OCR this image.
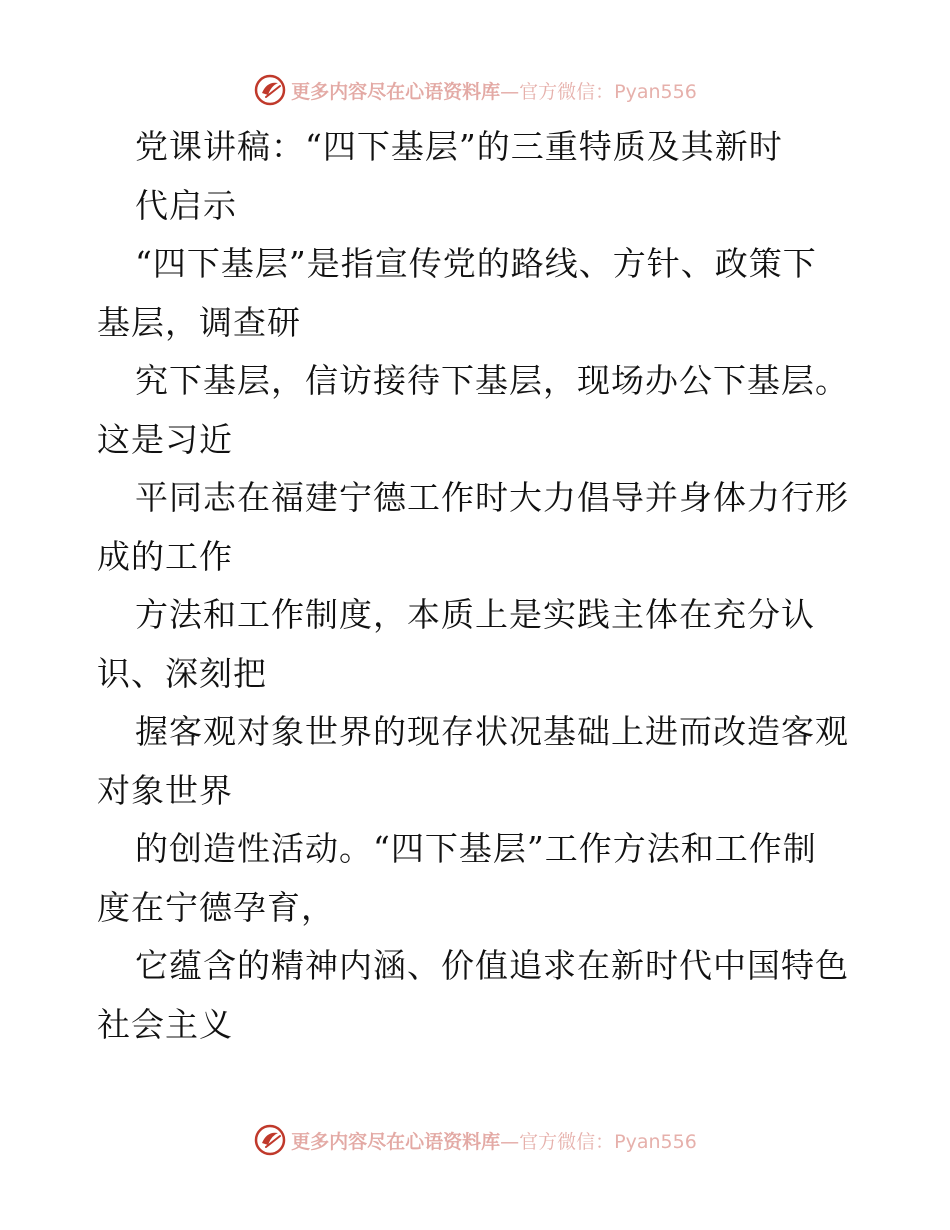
更多内容尽在心语资料库—官方微信：Pyan556
党课讲稿：“四下基层”的三重特质及其新时
代启示
“四下基层”是指宣传党的路线、方针、政策下
基层，调查研
究下基层，信访接待下基层，现场办公下基层。
这是习近
平同志在福建宁德工作时大力倡导并身体力行形
成的工作
方法和工作制度，本质上是实践主体在充分认
识、深刻把
握客观对象世界的现存状况基础上进而改造客观
对象世界
的创造性活动。“四下基层”工作方法和工作制
度在宁德孕育，
它蕴含的精神内涵、价值追求在新时代中国特色
社会主义
更多内容尽在心语资料库—官方微信：Pyan556
